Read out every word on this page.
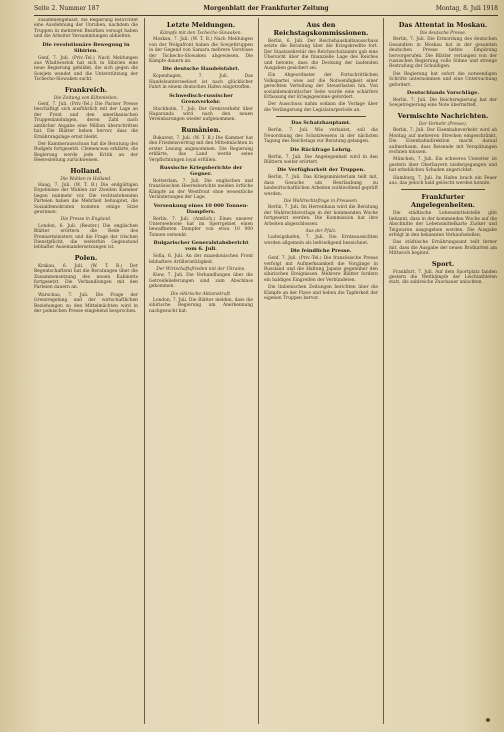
Seite 2. Nummer 187	Morgenblatt der Frankfurter Zeitung	Montag, 8. Juli 1918

zusammengefasst, die Regierung befürchtet eine Ausdehnung der Unruhen, nachdem die Truppen in mehreren Bezirken versagt haben und die Arbeiter Versammlungen abhielten.

Die revolutionäre Bewegung in Sibirien.

Genf, 7. Juli. (Priv.-Tel.) Nach Meldungen aus Wladiwostok hat sich in Sibirien eine neue Regierung gebildet, die sich gegen die Sowjets wendet und die Unterstützung der Tschecho-Slowaken sucht.

Frankreich.
Die Zeitung von Kiltenleiten.

Genf, 7. Juli. (Priv.-Tel.) Die Pariser Presse beschäftigt sich ausführlich mit der Lage an der Front und den amerikanischen Truppenlandungen, deren Zahl nach amtlicher Angabe eine Million überschritten hat. Die Blätter heben hervor, dass die Ernährungslage ernst bleibt.

Der Kammerausschuss hat die Beratung des Budgets fortgesetzt. Clemenceau erklärte, die Regierung werde jede Kritik an der Heeresleitung zurückweisen.

Holland.
Die Wahlen in Holland.

Haag, 7. Juli. (W. T. B.) Die endgültigen Ergebnisse der Wahlen zur Zweiten Kammer liegen nunmehr vor. Die rechtsstehenden Parteien haben die Mehrheit behauptet, die Sozialdemokraten konnten einige Sitze gewinnen.

Die Presse in England.

London, 6. Juli. (Reuter.) Die englischen Blätter erörtern die Rede des Premierministers und die Frage der irischen Dienstpflicht, die weiterhin Gegenstand lebhafter Auseinandersetzungen ist.

Polen.

Krakau, 6. Juli. (W. T. B.) Der Regentschaftsrat hat die Beratungen über die Zusammensetzung des neuen Kabinetts fortgesetzt. Die Verhandlungen mit den Parteien dauern an.

Warschau, 7. Juli. Die Frage der Grenzregelung und der wirtschaftlichen Beziehungen zu den Mittelmächten wird in der polnischen Presse eingehend besprochen.

Letzte Meldungen.
Kämpfe mit den Tschecho-Slowaken.

Moskau, 7. Juli. (W. T. B.) Nach Meldungen von der Wolgafront haben die Sowjettruppen in der Gegend von Samara mehrere Vorstösse der Tschecho-Slowaken abgewiesen. Die Kämpfe dauern an.

Die deutsche Handelsfahrt.

Kopenhagen, 7. Juli. Das Handelsunterseeboot ist nach glücklicher Fahrt in einem deutschen Hafen eingetroffen.

Schwedisch-russischer Grenzverkehr.

Stockholm, 7. Juli. Der Grenzverkehr über Haparanda wird nach den neuen Vereinbarungen wieder aufgenommen.

Rumänien.

Bukarest, 7. Juli. (W. T. B.) Die Kammer hat den Friedensvertrag mit den Mittelmächten in erster Lesung angenommen. Die Regierung erklärte, das Land werde seine Verpflichtungen loyal erfüllen.

Russische Kriegsberichte der Gegner.

Rotterdam, 7. Juli. Die englischen und französischen Heeresberichte melden örtliche Kämpfe an der Westfront ohne wesentliche Veränderungen der Lage.

Versenkung eines 10 000 Tonnen-Dampfers.

Berlin, 7. Juli. (Amtlich.) Eines unserer Unterseeboote hat im Sperrgebiet einen bewaffneten Dampfer von etwa 10 000 Tonnen versenkt.

Bulgarischer Generalstabsbericht vom 6. Juli.

Sofia, 6. Juli. An der mazedonischen Front lebhaftere Artillerietätigkeit.

Der Wirtschaftsfrieden mit der Ukraine.

Kiew, 7. Juli. Die Verhandlungen über die Getreidelieferungen sind zum Abschluss gekommen.

Die sibirische Aktionskraft.

London, 7. Juli. Die Blätter melden, dass die sibirische Regierung um Anerkennung nachgesucht hat.

Aus den Reichstagskommissionen.

Berlin, 6. Juli. Der Reichshaushaltsausschuss setzte die Beratung über die Kriegskredite fort. Der Staatssekretär des Reichsschatzamts gab eine Übersicht über die finanzielle Lage des Reiches und betonte, dass die Deckung der laufenden Ausgaben gesichert sei.

Ein Abgeordneter der Fortschrittlichen Volkspartei wies auf die Notwendigkeit einer gerechten Verteilung der Steuerlasten hin. Von sozialdemokratischer Seite wurde eine schärfere Erfassung der Kriegsgewinne gefordert.

Der Ausschuss nahm sodann die Vorlage über die Verlängerung der Legislaturperiode an.

Das Schatzhauptamt.

Berlin, 7. Juli. Wie verlautet, soll die Neuordnung des Schatzwesens in der nächsten Tagung des Reichstags zur Beratung gelangen.

Die Rückfrage Lehrig.

Berlin, 7. Juli. Die Angelegenheit wird in den Blättern weiter erörtert.

Die Verfügbarkeit der Truppen.

Berlin, 7. Juli. Das Kriegsministerium teilt mit, dass Gesuche um Beurlaubung zu landwirtschaftlichen Arbeiten wohlwollend geprüft werden.

Die Wahlrechtsfrage in Preussen.

Berlin, 7. Juli. Im Herrenhaus wird die Beratung der Wahlrechtsvorlage in der kommenden Woche fortgesetzt werden. Die Kommission hat ihre Arbeiten abgeschlossen.

Aus der Pfalz.

Ludwigshafen, 7. Juli. Die Ernteaussichten werden allgemein als befriedigend bezeichnet.

Die feindliche Presse.

Genf, 7. Juli. (Priv.-Tel.) Die französische Presse verfolgt mit Aufmerksamkeit die Vorgänge in Russland und die Haltung Japans gegenüber den sibirischen Ereignissen. Mehrere Blätter fordern ein baldiges Eingreifen der Verbündeten.

Die italienischen Zeitungen berichten über die Kämpfe an der Piave und heben die Tapferkeit der eigenen Truppen hervor.

Das Attentat in Moskau.
Die deutsche Presse.

Berlin, 7. Juli. Die Ermordung des deutschen Gesandten in Moskau hat in der gesamten deutschen Presse tiefste Empörung hervorgerufen. Die Blätter verlangen von der russischen Regierung volle Sühne und strenge Bestrafung der Schuldigen.

Die Regierung hat sofort die notwendigen Schritte unternommen und eine Untersuchung gefordert.

Deutschlands Vorschläge.

Berlin, 7. Juli. Die Reichsregierung hat der Sowjetregierung eine Note übermittelt.

Vermischte Nachrichten.
Der Verkehr (Presse).

Berlin, 7. Juli. Der Eisenbahnverkehr wird ab Montag auf mehreren Strecken eingeschränkt. Die Eisenbahndirektion macht darauf aufmerksam, dass Reisende mit Verspätungen rechnen müssen.

München, 7. Juli. Ein schweres Unwetter ist gestern über Oberbayern niedergegangen und hat erheblichen Schaden angerichtet.

Hamburg, 7. Juli. Im Hafen brach ein Feuer aus, das jedoch bald gelöscht werden konnte.

Frankfurter Angelegenheiten.

Die städtische Lebensmittelstelle gibt bekannt, dass in der kommenden Woche auf die Abschnitte der Lebensmittelkarte Zucker und Teigwaren ausgegeben werden. Die Ausgabe erfolgt in den bekannten Verkaufsstellen.

Das städtische Ernährungsamt teilt ferner mit, dass die Ausgabe der neuen Brotkarten am Mittwoch beginnt.

Sport.

Frankfurt, 7. Juli. Auf dem Sportplatz fanden gestern die Wettkämpfe der Leichtathleten statt, die zahlreiche Zuschauer anlockten.
